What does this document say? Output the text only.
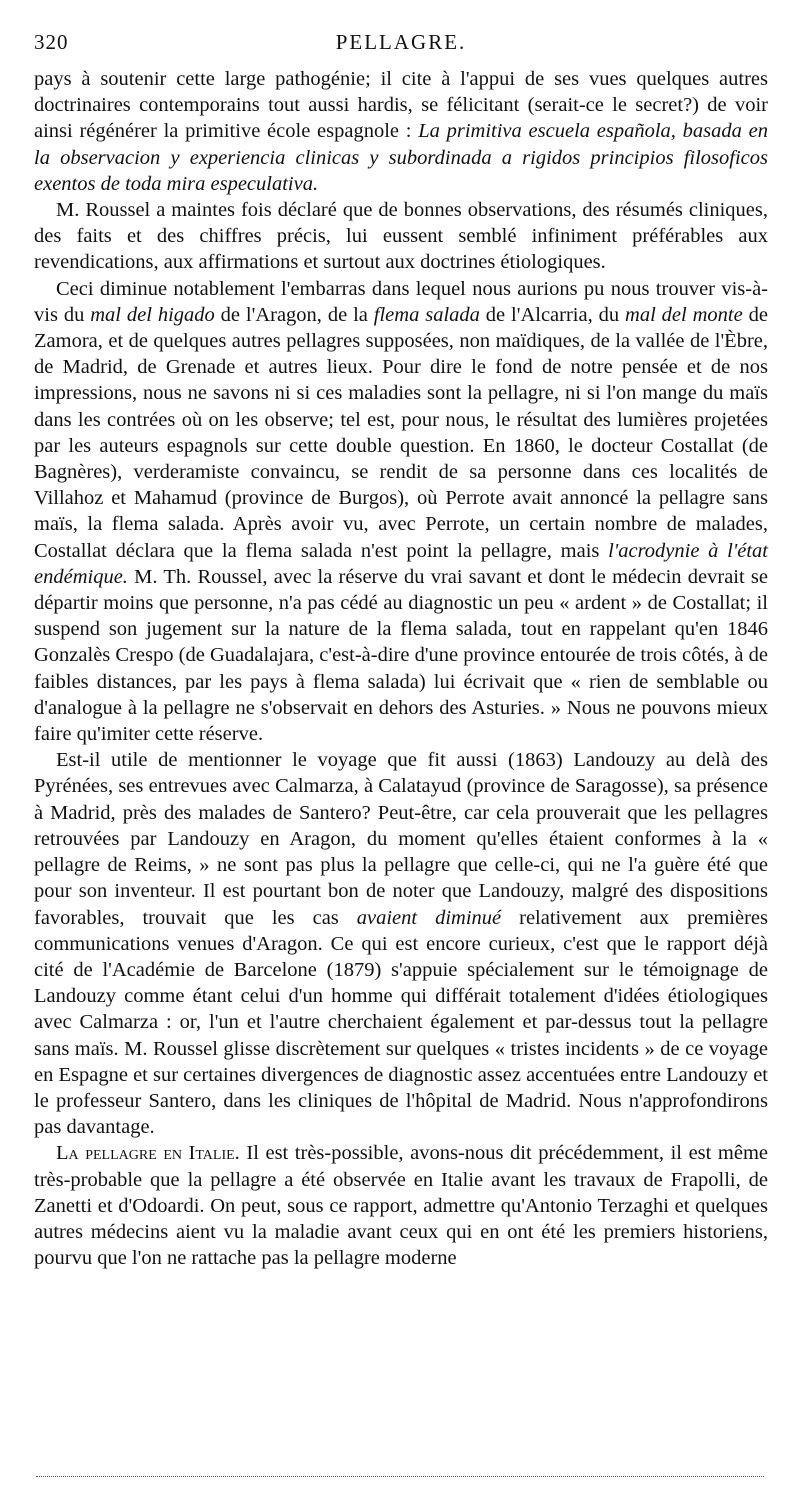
320	PELLAGRE.

pays à soutenir cette large pathogénie; il cite à l'appui de ses vues quelques autres doctrinaires contemporains tout aussi hardis, se félicitant (serait-ce le secret?) de voir ainsi régénérer la primitive école espagnole : La primitiva escuela española, basada en la observacion y experiencia clinicas y subordinada a rigidos principios filosoficos exentos de toda mira especulativa.

M. Roussel a maintes fois déclaré que de bonnes observations, des résumés cliniques, des faits et des chiffres précis, lui eussent semblé infiniment préférables aux revendications, aux affirmations et surtout aux doctrines étiologiques.

Ceci diminue notablement l'embarras dans lequel nous aurions pu nous trouver vis-à-vis du mal del higado de l'Aragon, de la flema salada de l'Alcarria, du mal del monte de Zamora, et de quelques autres pellagres supposées, non maïdiques, de la vallée de l'Èbre, de Madrid, de Grenade et autres lieux. Pour dire le fond de notre pensée et de nos impressions, nous ne savons ni si ces maladies sont la pellagre, ni si l'on mange du maïs dans les contrées où on les observe; tel est, pour nous, le résultat des lumières projetées par les auteurs espagnols sur cette double question. En 1860, le docteur Costallat (de Bagnères), verderamiste convaincu, se rendit de sa personne dans ces localités de Villahoz et Mahamud (province de Burgos), où Perrote avait annoncé la pellagre sans maïs, la flema salada. Après avoir vu, avec Perrote, un certain nombre de malades, Costallat déclara que la flema salada n'est point la pellagre, mais l'acrodynie à l'état endémique. M. Th. Roussel, avec la réserve du vrai savant et dont le médecin devrait se départir moins que personne, n'a pas cédé au diagnostic un peu « ardent » de Costallat; il suspend son jugement sur la nature de la flema salada, tout en rappelant qu'en 1846 Gonzalès Crespo (de Guadalajara, c'est-à-dire d'une province entourée de trois côtés, à de faibles distances, par les pays à flema salada) lui écrivait que « rien de semblable ou d'analogue à la pellagre ne s'observait en dehors des Asturies. » Nous ne pouvons mieux faire qu'imiter cette réserve.

Est-il utile de mentionner le voyage que fit aussi (1863) Landouzy au delà des Pyrénées, ses entrevues avec Calmarza, à Calatayud (province de Saragosse), sa présence à Madrid, près des malades de Santero? Peut-être, car cela prouverait que les pellagres retrouvées par Landouzy en Aragon, du moment qu'elles étaient conformes à la « pellagre de Reims, » ne sont pas plus la pellagre que celle-ci, qui ne l'a guère été que pour son inventeur. Il est pourtant bon de noter que Landouzy, malgré des dispositions favorables, trouvait que les cas avaient diminué relativement aux premières communications venues d'Aragon. Ce qui est encore curieux, c'est que le rapport déjà cité de l'Académie de Barcelone (1879) s'appuie spécialement sur le témoignage de Landouzy comme étant celui d'un homme qui différait totalement d'idées étiologiques avec Calmarza : or, l'un et l'autre cherchaient également et par-dessus tout la pellagre sans maïs. M. Roussel glisse discrètement sur quelques « tristes incidents » de ce voyage en Espagne et sur certaines divergences de diagnostic assez accentuées entre Landouzy et le professeur Santero, dans les cliniques de l'hôpital de Madrid. Nous n'approfondirons pas davantage.

La pellagre en Italie. Il est très-possible, avons-nous dit précédemment, il est même très-probable que la pellagre a été observée en Italie avant les travaux de Frapolli, de Zanetti et d'Odoardi. On peut, sous ce rapport, admettre qu'Antonio Terzaghi et quelques autres médecins aient vu la maladie avant ceux qui en ont été les premiers historiens, pourvu que l'on ne rattache pas la pellagre moderne
